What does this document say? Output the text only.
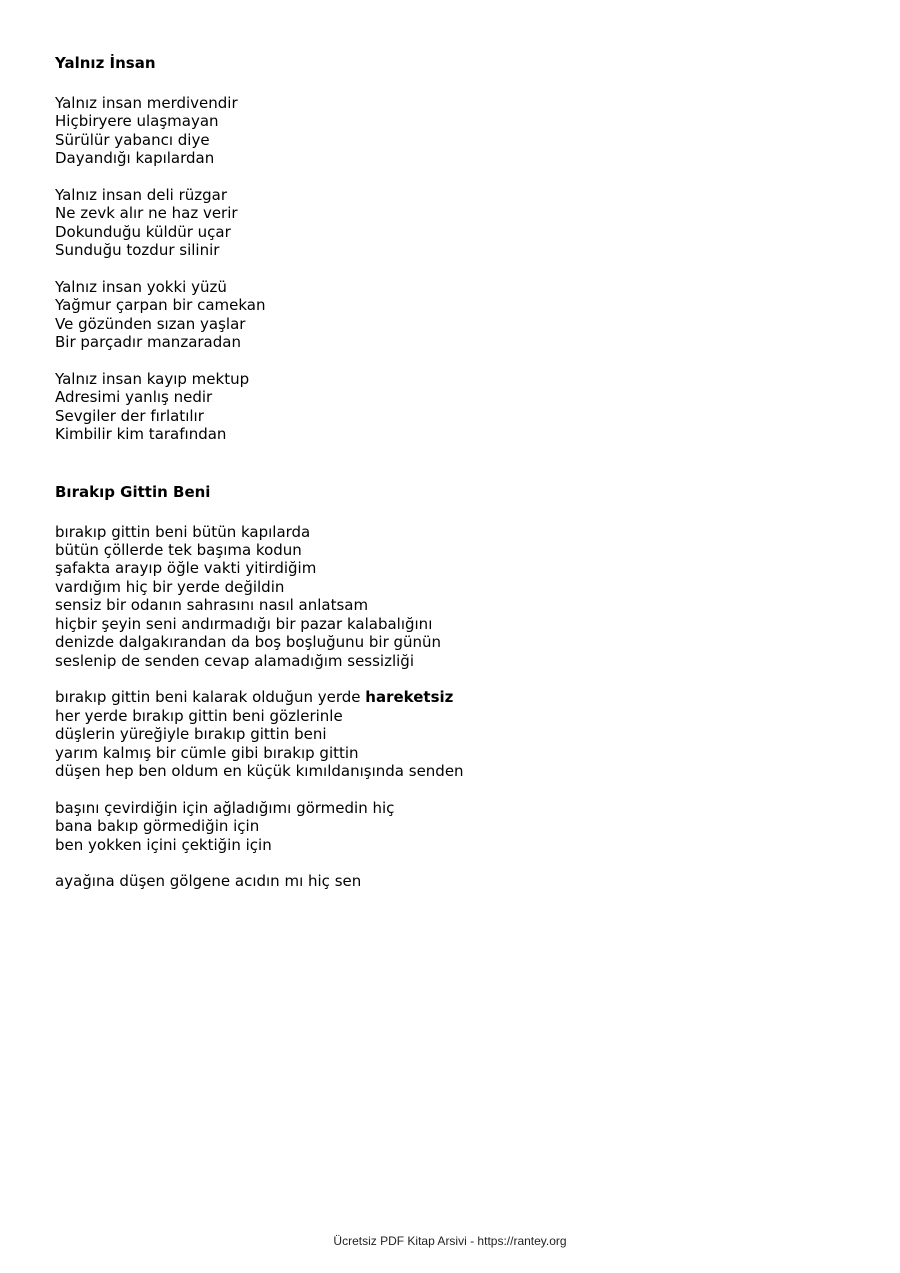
Yalnız İnsan
Yalnız insan merdivendir
Hiçbiryere ulaşmayan
Sürülür yabancı diye
Dayandığı kapılardan
Yalnız insan deli rüzgar
Ne zevk alır ne haz verir
Dokunduğu küldür uçar
Sunduğu tozdur silinir
Yalnız insan yokki yüzü
Yağmur çarpan bir camekan
Ve gözünden sızan yaşlar
Bir parçadır manzaradan
Yalnız insan kayıp mektup
Adresimi yanlış nedir
Sevgiler der fırlatılır
Kimbilir kim tarafından
Bırakıp Gittin Beni
bırakıp gittin beni bütün kapılarda
bütün çöllerde tek başıma kodun
şafakta arayıp öğle vakti yitirdiğim
vardığım hiç bir yerde değildin
sensiz bir odanın sahrasını nasıl anlatsam
hiçbir şeyin seni andırmadığı bir pazar kalabalığını
denizde dalgakırandan da boş boşluğunu bir günün
seslenip de senden cevap alamadığım sessizliği
bırakıp gittin beni kalarak olduğun yerde hareketsiz
her yerde bırakıp gittin beni gözlerinle
düşlerin yüreğiyle bırakıp gittin beni
yarım kalmış bir cümle gibi bırakıp gittin
düşen hep ben oldum en küçük kımıldanışında senden
başını çevirdiğin için ağladığımı görmedin hiç
bana bakıp görmediğin için
ben yokken içini çektiğin için
ayağına düşen gölgene acıdın mı hiç sen
Ücretsiz PDF Kitap Arsivi - https://rantey.org
